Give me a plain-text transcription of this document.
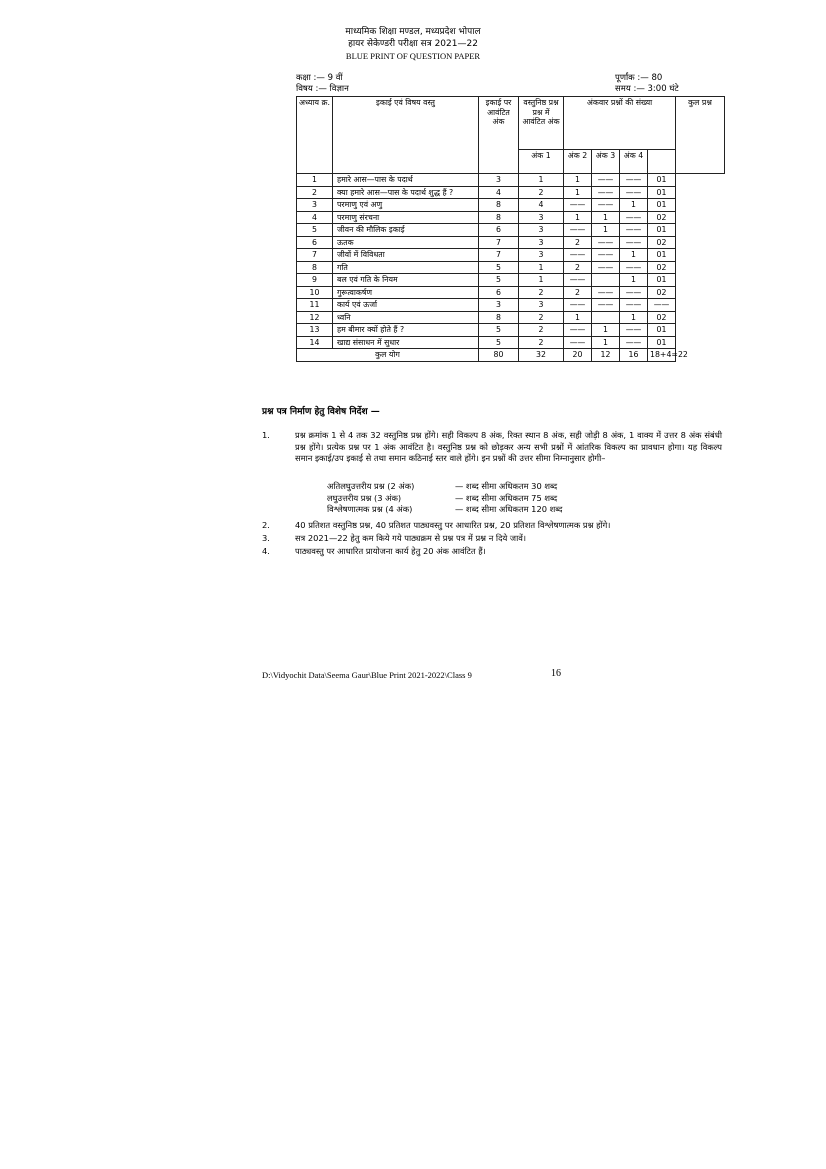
माध्यमिक शिक्षा मण्डल, मध्यप्रदेश भोपाल
हायर सेकेण्डरी परीक्षा सत्र 2021—22
BLUE PRINT OF QUESTION PAPER
कक्षा :— 9 वीं
विषय :— विज्ञान
पूर्णांक :— 80
समय :— 3:00 घंटे
अध्याय क्र.	इकाई एवं विषय वस्तु	इकाई पर आवंटित अंक	वस्तुनिष्ठ प्रश्न प्रश्न में आवंटित अंक	अंकवार प्रश्नों की संख्या				कुल प्रश्न
			अंक 1	अंक 2	अंक 3	अंक 4		
1	हमारे आस—पास के पदार्थ	3	1	1	——	——	01	
2	क्या हमारे आस—पास के पदार्थ शुद्ध हैं ?	4	2	1	——	——	01	
3	परमाणु एवं अणु	8	4	——	——	1	01	
4	परमाणु संरचना	8	3	1	1	——	02	
5	जीवन की मौलिक इकाई	6	3	——	1	——	01	
6	ऊतक	7	3	2	——	——	02	
7	जीवों में विविधता	7	3	——	——	1	01	
8	गति	5	1	2	——	——	02	
9	बल एवं गति के नियम	5	1	——		1	01	
10	गुरूत्वाकर्षण	6	2	2	——	——	02	
11	कार्य एवं ऊर्जा	3	3	——	——	——	——	
12	ध्वनि	8	2	1		1	02	
13	हम बीमार क्यों होते हैं ?	5	2	——	1	——	01	
14	खाद्य संसाधन में सुधार	5	2	——	1	——	01	
कुल योग		80	32	20	12	16	18+4=22	
प्रश्न पत्र निर्माण हेतु विशेष निर्देश —
1.	प्रश्न क्रमांक 1 से 4 तक 32 वस्तुनिष्ठ प्रश्न होंगे। सही विकल्प 8 अंक, रिक्त स्थान 8 अंक, सही जोड़ी 8 अंक, 1 वाक्य में उत्तर 8 अंक संबंधी प्रश्न होंगे। प्रत्येक प्रश्न पर 1 अंक आवंटित है। वस्तुनिष्ठ प्रश्न को छोड़कर अन्य सभी प्रश्नों में आंतरिक विकल्प का प्रावधान होगा। यह विकल्प समान इकाई/उप इकाई से तथा समान कठिनाई स्तर वाले होंगे। इन प्रश्नों की उत्तर सीमा निम्नानुसार होगी–
अतिलघुउत्तरीय प्रश्न (2 अंक)	— शब्द सीमा अधिकतम 30 शब्द
लघुउत्तरीय प्रश्न (3 अंक)	— शब्द सीमा अधिकतम 75 शब्द
विश्लेषणात्मक प्रश्न (4 अंक)	— शब्द सीमा अधिकतम 120 शब्द
2.	40 प्रतिशत वस्तुनिष्ठ प्रश्न, 40 प्रतिशत पाठ्यवस्तु पर आधारित प्रश्न, 20 प्रतिशत विश्लेषणात्मक प्रश्न होंगे।
3.	सत्र 2021—22 हेतु कम किये गये पाठ्यक्रम से प्रश्न पत्र में प्रश्न न दिये जावें।
4.	पाठ्यवस्तु पर आधारित प्रायोजना कार्य हेतु 20 अंक आवंटित हैं।
D:\Vidyochit Data\Seema Gaur\Blue Print 2021-2022\Class 9	16
